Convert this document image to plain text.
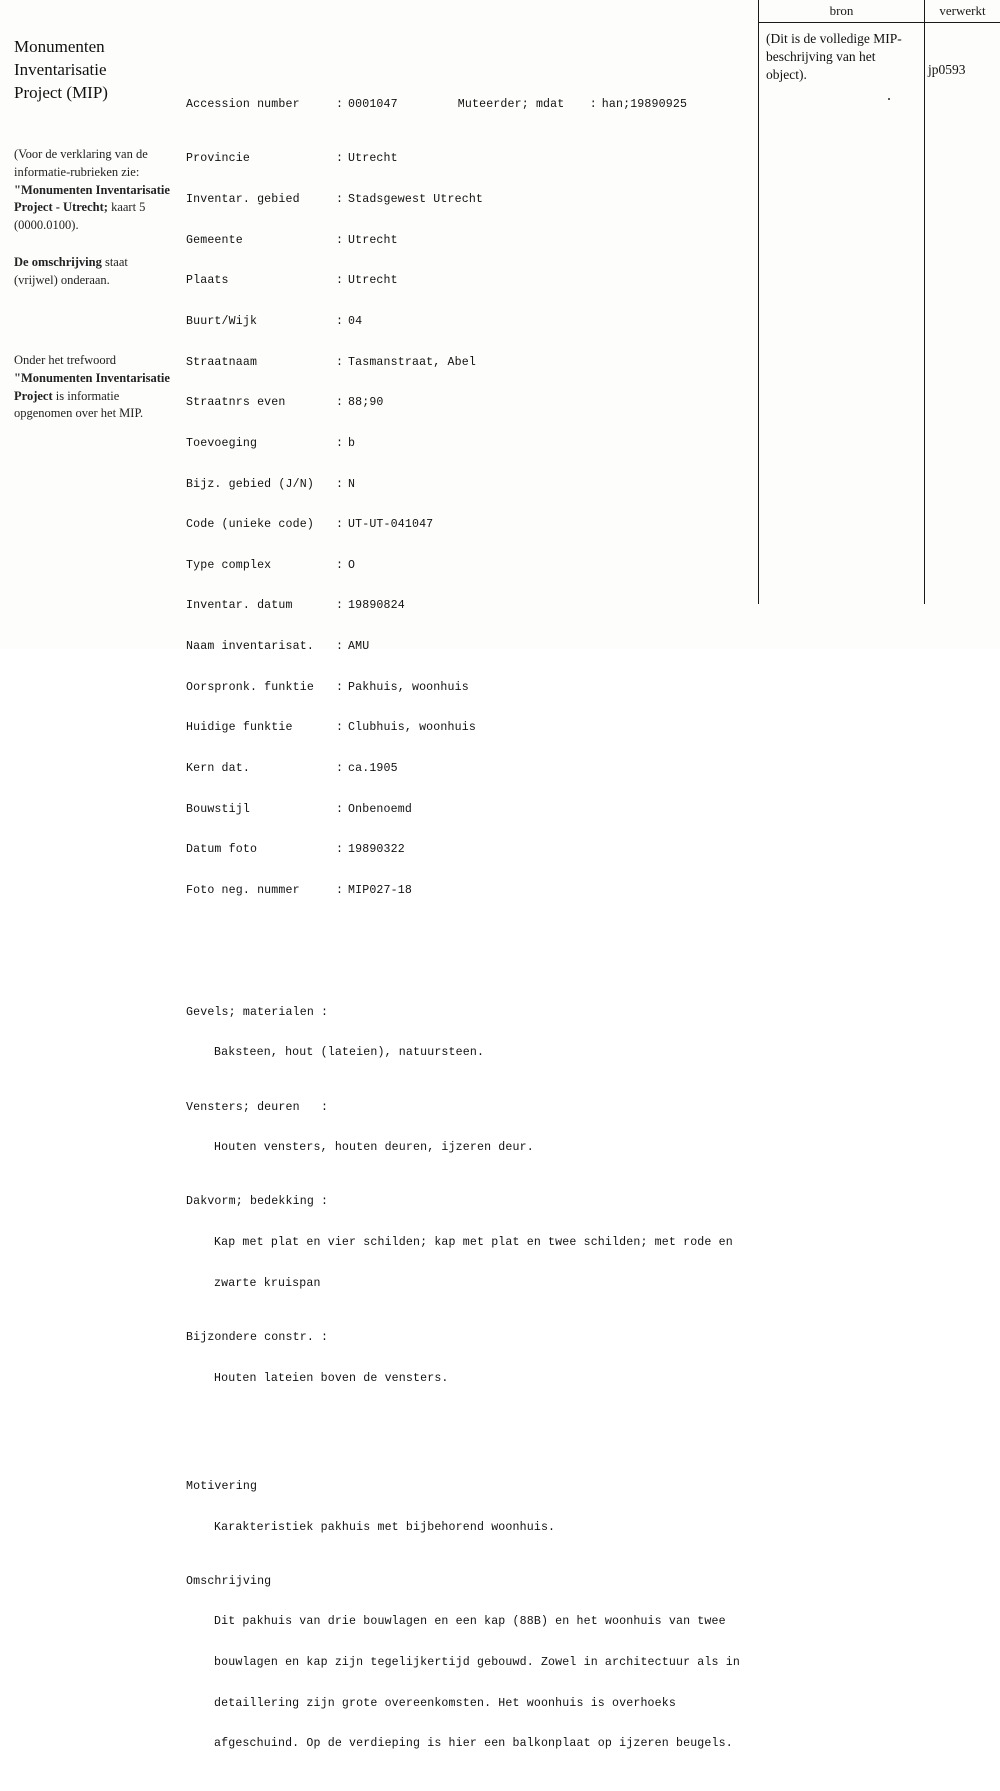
Monumenten
Inventarisatie
Project (MIP)
(Voor de verklaring van de informatie-rubrieken zie: "Monumenten Inventarisatie Project - Utrecht; kaart 5 (0000.0100).
De omschrijving staat (vrijwel) onderaan.
Onder het trefwoord "Monumenten Inventarisatie Project is informatie opgenomen over het MIP.

Accession number	: 0001047	Muteerder; mdat : han;19890925

Provincie	: Utrecht

Inventar. gebied	: Stadsgewest Utrecht

Gemeente	: Utrecht

Plaats	: Utrecht

Buurt/Wijk	: 04

Straatnaam	: Tasmanstraat, Abel

Straatnrs even	: 88;90

Toevoeging	: b

Bijz. gebied (J/N) : N

Code (unieke code) : UT-UT-041047

Type complex	: O

Inventar. datum	: 19890824

Naam inventarisat. : AMU

Oorspronk. funktie : Pakhuis, woonhuis

Huidige funktie	: Clubhuis, woonhuis

Kern dat.	: ca.1905

Bouwstijl	: Onbenoemd

Datum foto	: 19890322

Foto neg. nummer	: MIP027-18

Gevels; materialen :

Baksteen, hout (lateien), natuursteen.

Vensters; deuren   :

Houten vensters, houten deuren, ijzeren deur.

Dakvorm; bedekking :

Kap met plat en vier schilden; kap met plat en twee schilden; met rode en

zwarte kruispan

Bijzondere constr. :

Houten lateien boven de vensters.

Motivering

Karakteristiek pakhuis met bijbehorend woonhuis.

Omschrijving

Dit pakhuis van drie bouwlagen en een kap (88B) en het woonhuis van twee

bouwlagen en kap zijn tegelijkertijd gebouwd. Zowel in architectuur als in

detaillering zijn grote overeenkomsten. Het woonhuis is overhoeks

afgeschuind. Op de verdieping is hier een balkonplaat op ijzeren beugels.

bron	verwerkt
(Dit is de volledige MIP-beschrijving van het object).	jp0593
